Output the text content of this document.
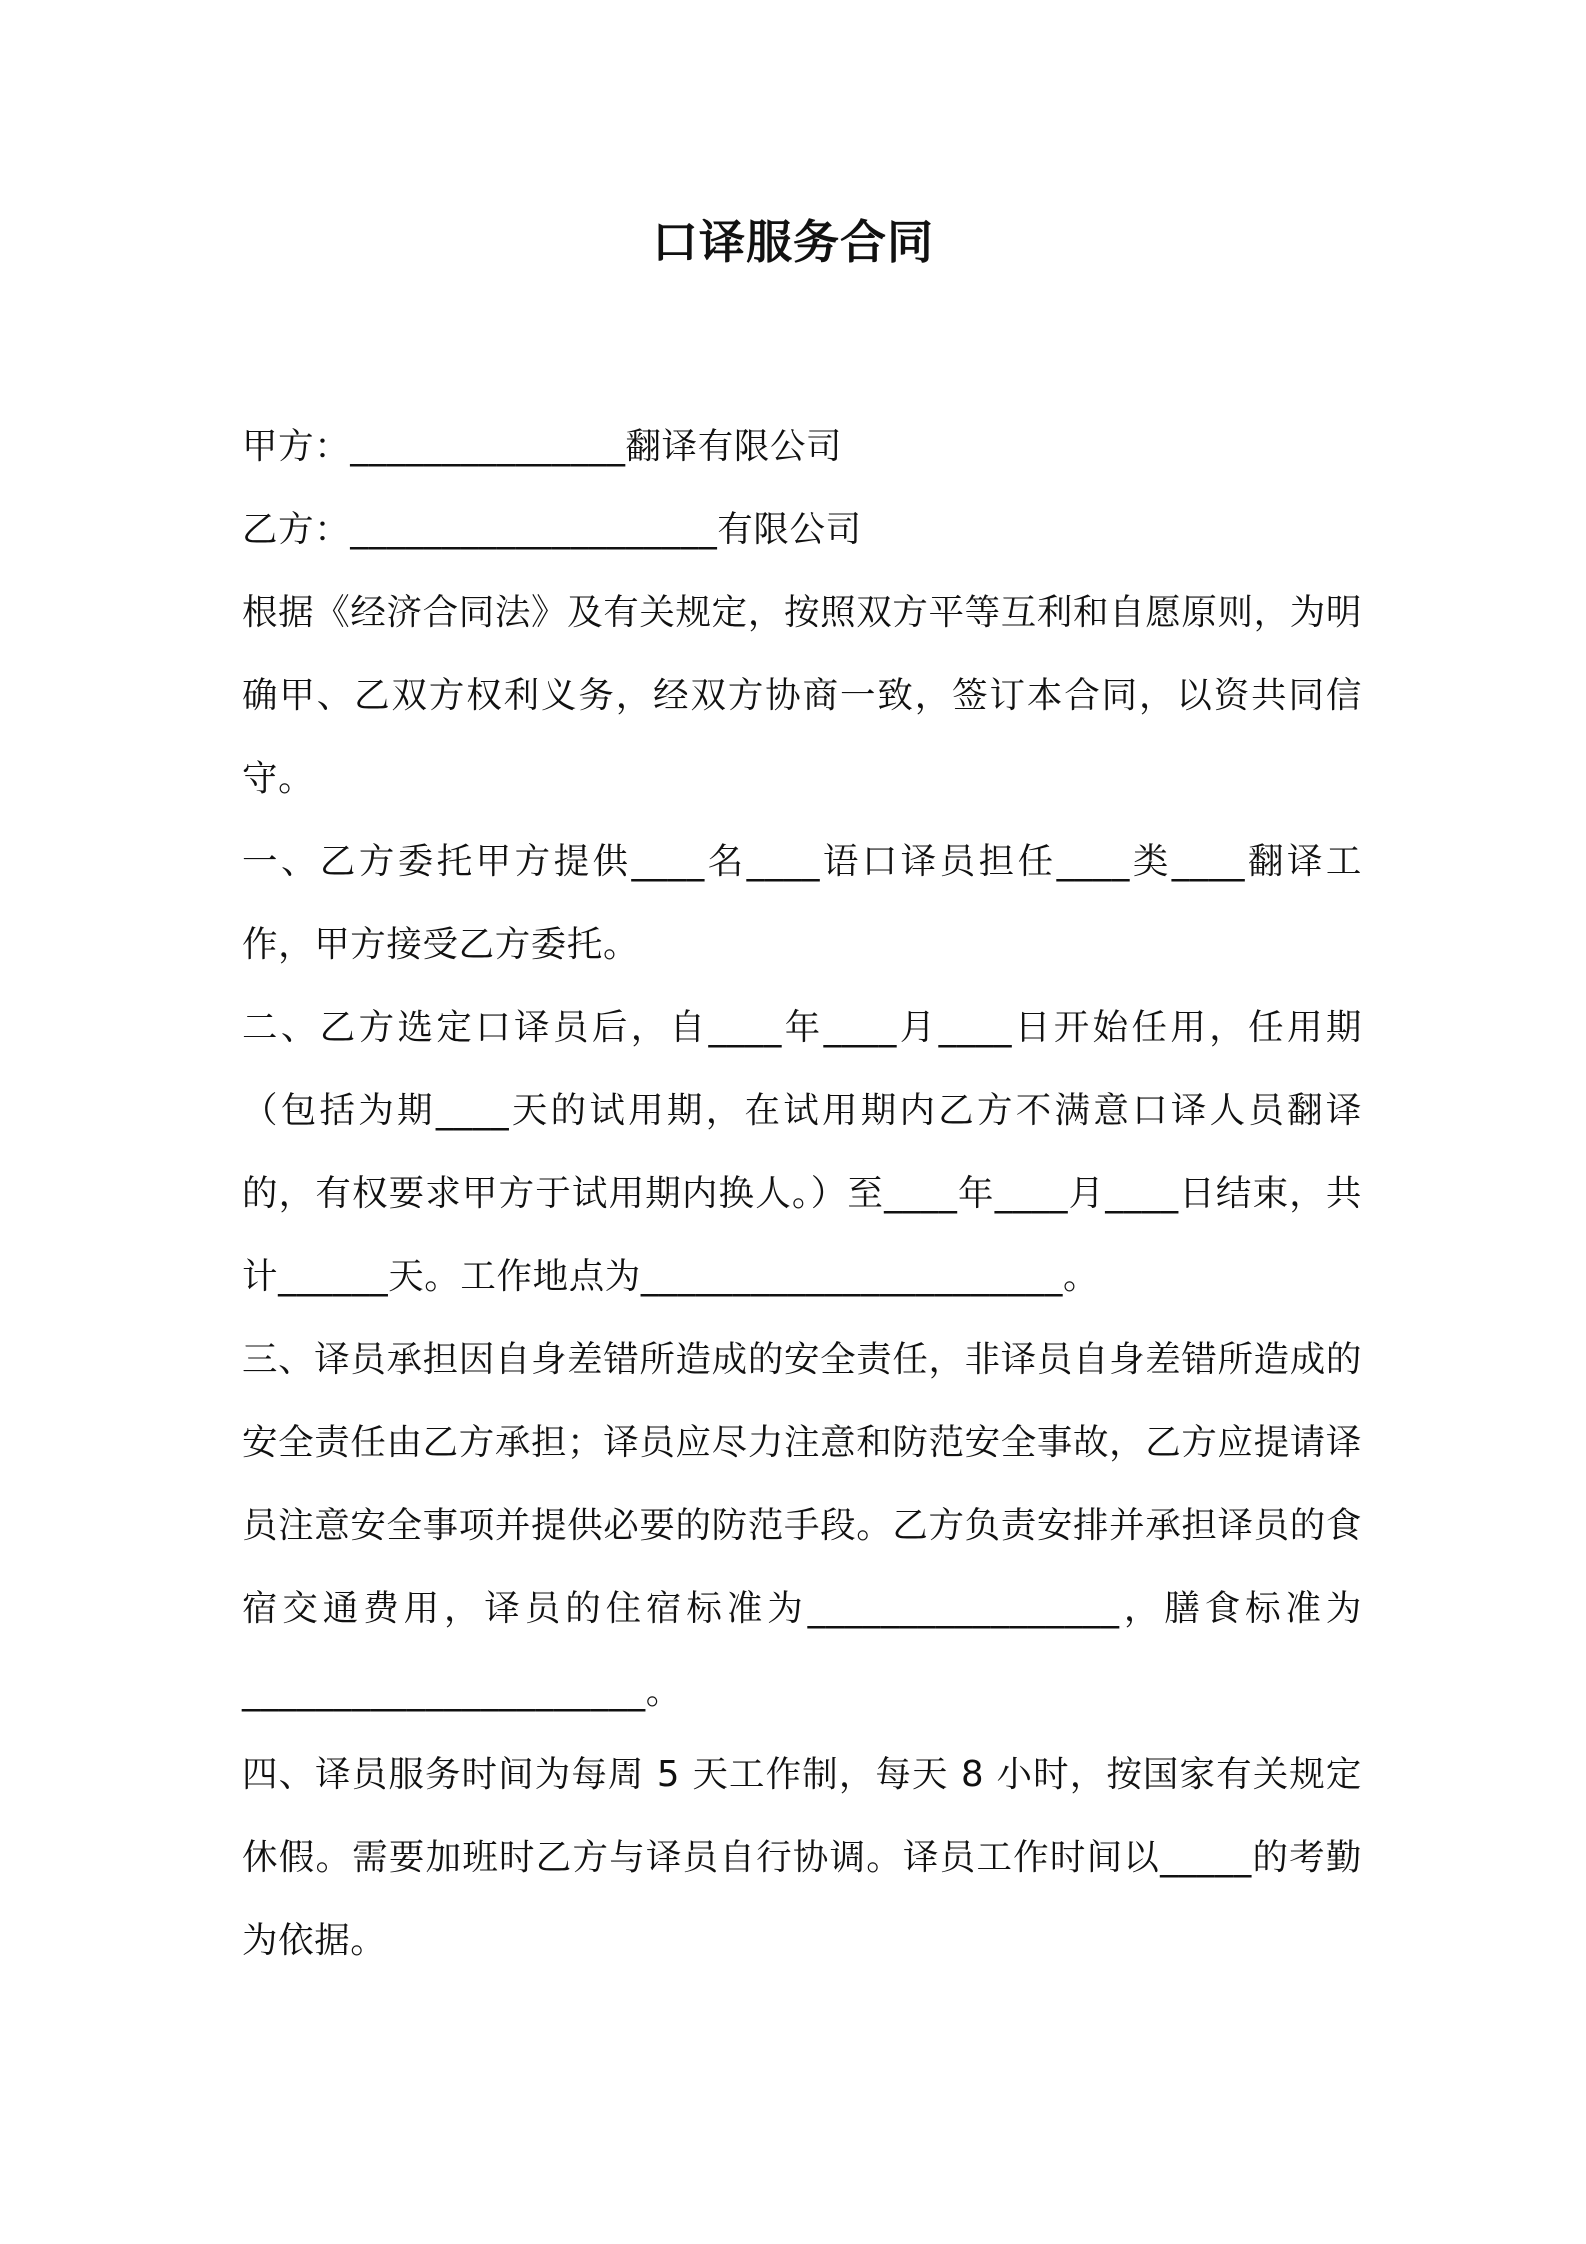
口译服务合同

甲方：_______________翻译有限公司

乙方：____________________有限公司

根据《经济合同法》及有关规定，按照双方平等互利和自愿原则，为明确甲、乙双方权利义务，经双方协商一致，签订本合同，以资共同信守。

一、乙方委托甲方提供____名____语口译员担任____类____翻译工作，甲方接受乙方委托。

二、乙方选定口译员后，自____年____月____日开始任用，任用期（包括为期____天的试用期，在试用期内乙方不满意口译人员翻译的，有权要求甲方于试用期内换人。）至____年____月____日结束，共计______天。工作地点为_______________________。

三、译员承担因自身差错所造成的安全责任，非译员自身差错所造成的安全责任由乙方承担；译员应尽力注意和防范安全事故，乙方应提请译员注意安全事项并提供必要的防范手段。乙方负责安排并承担译员的食宿交通费用，译员的住宿标准为_________________，膳食标准为______________________。

四、译员服务时间为每周 5 天工作制，每天 8 小时，按国家有关规定休假。需要加班时乙方与译员自行协调。译员工作时间以_____的考勤为依据。
